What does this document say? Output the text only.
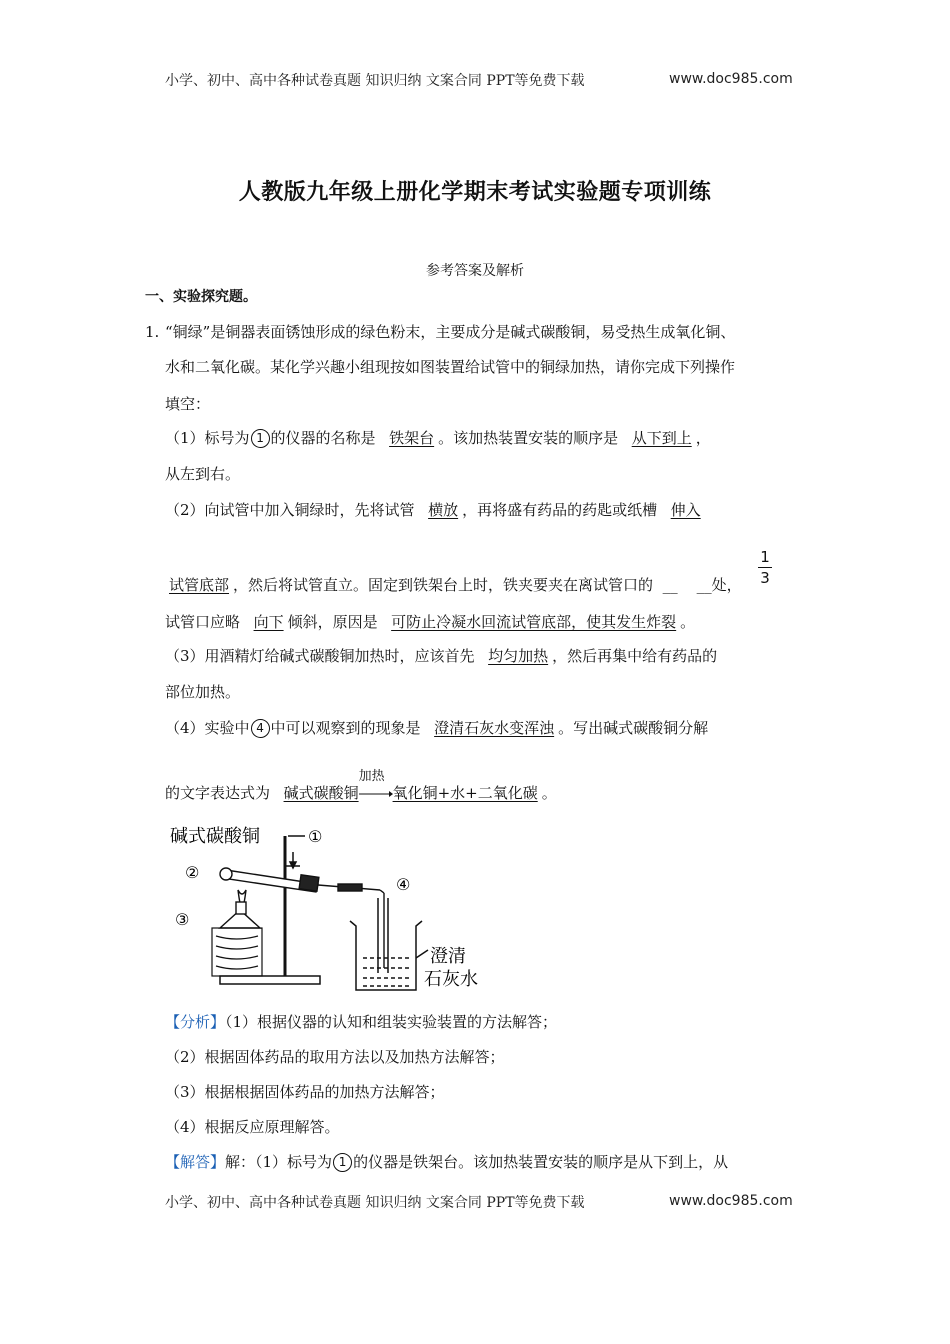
小学、初中、高中各种试卷真题 知识归纳 文案合同 PPT等免费下载	www.doc985.com
人教版九年级上册化学期末考试实验题专项训练
参考答案及解析
一、实验探究题。
1. “铜绿”是铜器表面锈蚀形成的绿色粉末，主要成分是碱式碳酸铜，易受热生成氧化铜、
水和二氧化碳。某化学兴趣小组现按如图装置给试管中的铜绿加热，请你完成下列操作
填空：
（1）标号为 1 的仪器的名称是 铁架台 。该加热装置安装的顺序是 从下到上 ，
从左到右。
（2）向试管中加入铜绿时，先将试管 横放 ，再将盛有药品的药匙或纸槽 伸入
试管底部 ，然后将试管直立。固定到铁架台上时，铁夹要夹在离试管口的  __    __处，
1
3
试管口应略 向下 倾斜，原因是 可防止冷凝水回流试管底部，使其发生炸裂 。
（3）用酒精灯给碱式碳酸铜加热时，应该首先 均匀加热 ，然后再集中给有药品的
部位加热。
（4）实验中 4 中可以观察到的现象是 澄清石灰水变浑浊 。写出碱式碳酸铜分解
的文字表达式为 碱式碳酸铜
加热
氧化铜+水+二氧化碳 。
碱式碳酸铜	①
②
③
④
澄清
石灰水
【分析】（1）根据仪器的认知和组装实验装置的方法解答；
（2）根据固体药品的取用方法以及加热方法解答；
（3）根据根据固体药品的加热方法解答；
（4）根据反应原理解答。
【解答】解：（1）标号为 1 的仪器是铁架台。该加热装置安装的顺序是从下到上，从
小学、初中、高中各种试卷真题 知识归纳 文案合同 PPT等免费下载	www.doc985.com
